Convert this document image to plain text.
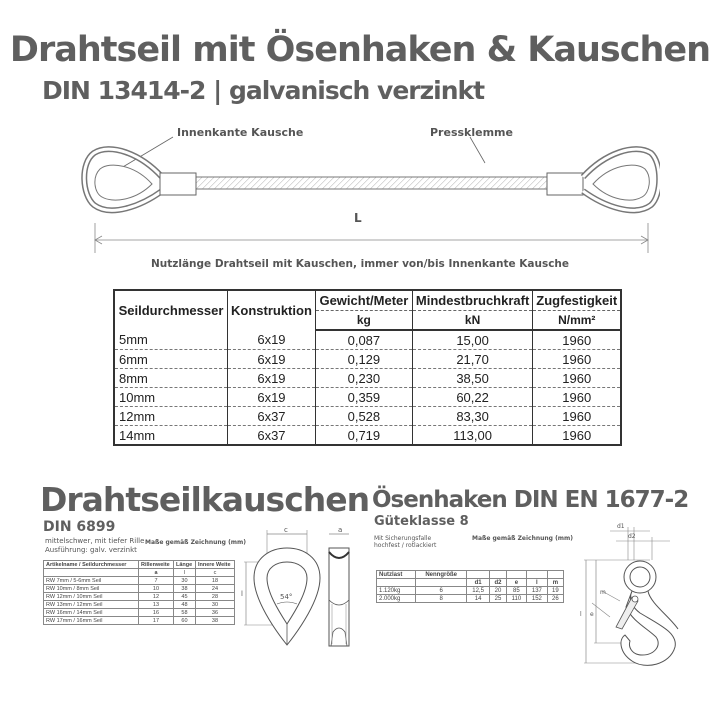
Drahtseil mit Ösenhaken & Kauschen
DIN 13414-2 | galvanisch verzinkt
Innenkante Kausche	Pressklemme
L
Nutzlänge Drahtseil mit Kauschen, immer von/bis Innenkante Kausche
Seildurchmesser	Konstruktion	Gewicht/Meter	Mindestbruchkraft	Zugfestigkeit
		kg	kN	N/mm²
5mm	6x19	0,087	15,00	1960
6mm	6x19	0,129	21,70	1960
8mm	6x19	0,230	38,50	1960
10mm	6x19	0,359	60,22	1960
12mm	6x37	0,528	83,30	1960
14mm	6x37	0,719	113,00	1960
Drahtseilkauschen
DIN 6899
mittelschwer, mit tiefer Rille
Ausführung: galv. verzinkt
Maße gemäß Zeichnung (mm)
Artikelname / Seildurchmesser	Rillenweite	Länge	Innere Weite
	a	l	c
RW 7mm / 5-6mm Seil	7	30	18
RW 10mm / 8mm Seil	10	38	24
RW 12mm / 10mm Seil	12	45	28
RW 13mm / 12mm Seil	13	48	30
RW 16mm / 14mm Seil	16	58	36
RW 17mm / 16mm Seil	17	60	38
c	a
l	54°
Ösenhaken DIN EN 1677-2
Güteklasse 8
Mit Sicherungsfalle
hochfest / rotlackiert
Maße gemäß Zeichnung (mm)
Nutzlast	Nenngröße					
		d1	d2	e	l	m
1.120kg	6	12,5	20	85	137	19
2.000kg	8	14	25	110	152	26
d1
d2
e
l
m
